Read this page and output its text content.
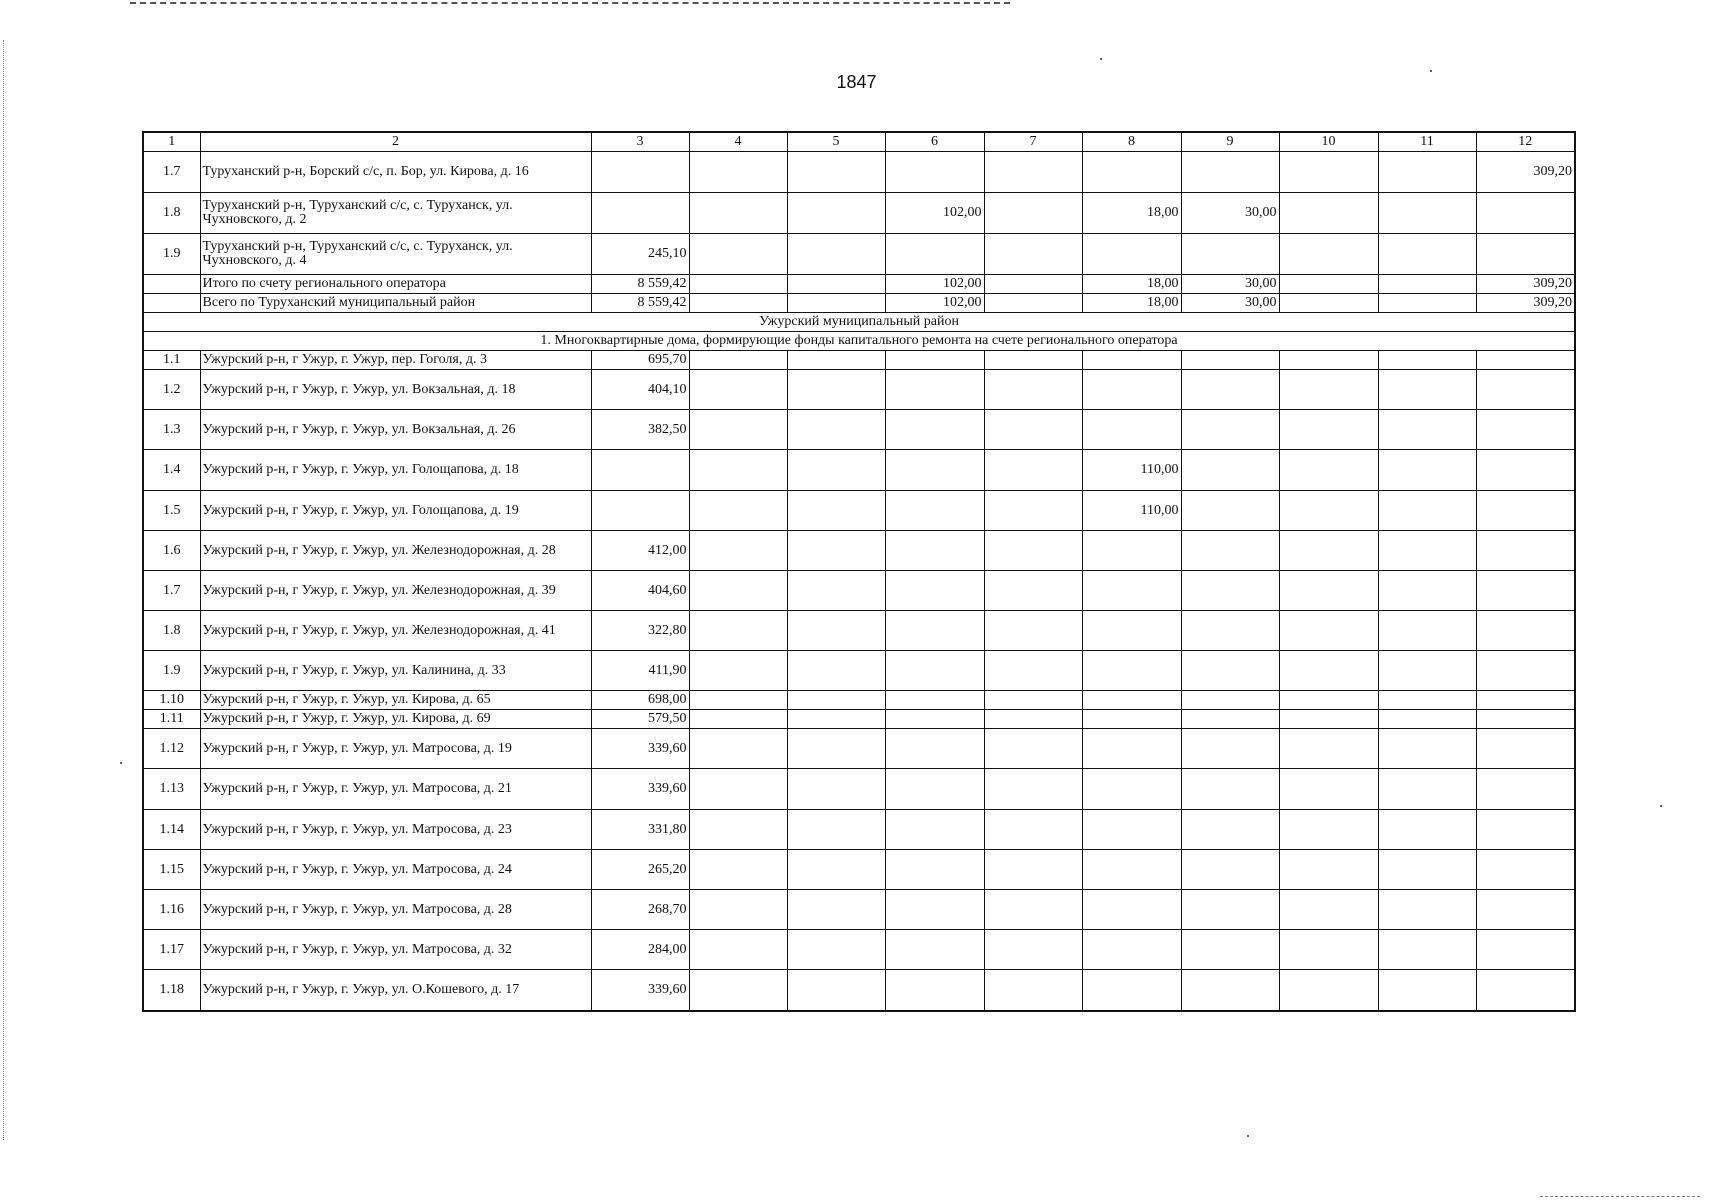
1847
1	2	3	4	5	6	7	8	9	10	11	12
1.7	Туруханский р-н, Борский с/с, п. Бор, ул. Кирова, д. 16										309,20
1.8	Туруханский р-н, Туруханский с/с, с. Туруханск, ул. Чухновского, д. 2				102,00		18,00	30,00			
1.9	Туруханский р-н, Туруханский с/с, с. Туруханск, ул. Чухновского, д. 4	245,10									
	Итого по счету регионального оператора	8 559,42			102,00		18,00	30,00			309,20
	Всего по Туруханский муниципальный район	8 559,42			102,00		18,00	30,00			309,20
Ужурский муниципальный район											
1. Многоквартирные дома, формирующие фонды капитального ремонта на счете регионального оператора											
1.1	Ужурский р-н, г Ужур, г. Ужур, пер. Гоголя, д. 3	695,70									
1.2	Ужурский р-н, г Ужур, г. Ужур, ул. Вокзальная, д. 18	404,10									
1.3	Ужурский р-н, г Ужур, г. Ужур, ул. Вокзальная, д. 26	382,50									
1.4	Ужурский р-н, г Ужур, г. Ужур, ул. Голощапова, д. 18						110,00				
1.5	Ужурский р-н, г Ужур, г. Ужур, ул. Голощапова, д. 19						110,00				
1.6	Ужурский р-н, г Ужур, г. Ужур, ул. Железнодорожная, д. 28	412,00									
1.7	Ужурский р-н, г Ужур, г. Ужур, ул. Железнодорожная, д. 39	404,60									
1.8	Ужурский р-н, г Ужур, г. Ужур, ул. Железнодорожная, д. 41	322,80									
1.9	Ужурский р-н, г Ужур, г. Ужур, ул. Калинина, д. 33	411,90									
1.10	Ужурский р-н, г Ужур, г. Ужур, ул. Кирова, д. 65	698,00									
1.11	Ужурский р-н, г Ужур, г. Ужур, ул. Кирова, д. 69	579,50									
1.12	Ужурский р-н, г Ужур, г. Ужур, ул. Матросова, д. 19	339,60									
1.13	Ужурский р-н, г Ужур, г. Ужур, ул. Матросова, д. 21	339,60									
1.14	Ужурский р-н, г Ужур, г. Ужур, ул. Матросова, д. 23	331,80									
1.15	Ужурский р-н, г Ужур, г. Ужур, ул. Матросова, д. 24	265,20									
1.16	Ужурский р-н, г Ужур, г. Ужур, ул. Матросова, д. 28	268,70									
1.17	Ужурский р-н, г Ужур, г. Ужур, ул. Матросова, д. 32	284,00									
1.18	Ужурский р-н, г Ужур, г. Ужур, ул. О.Кошевого, д. 17	339,60									
